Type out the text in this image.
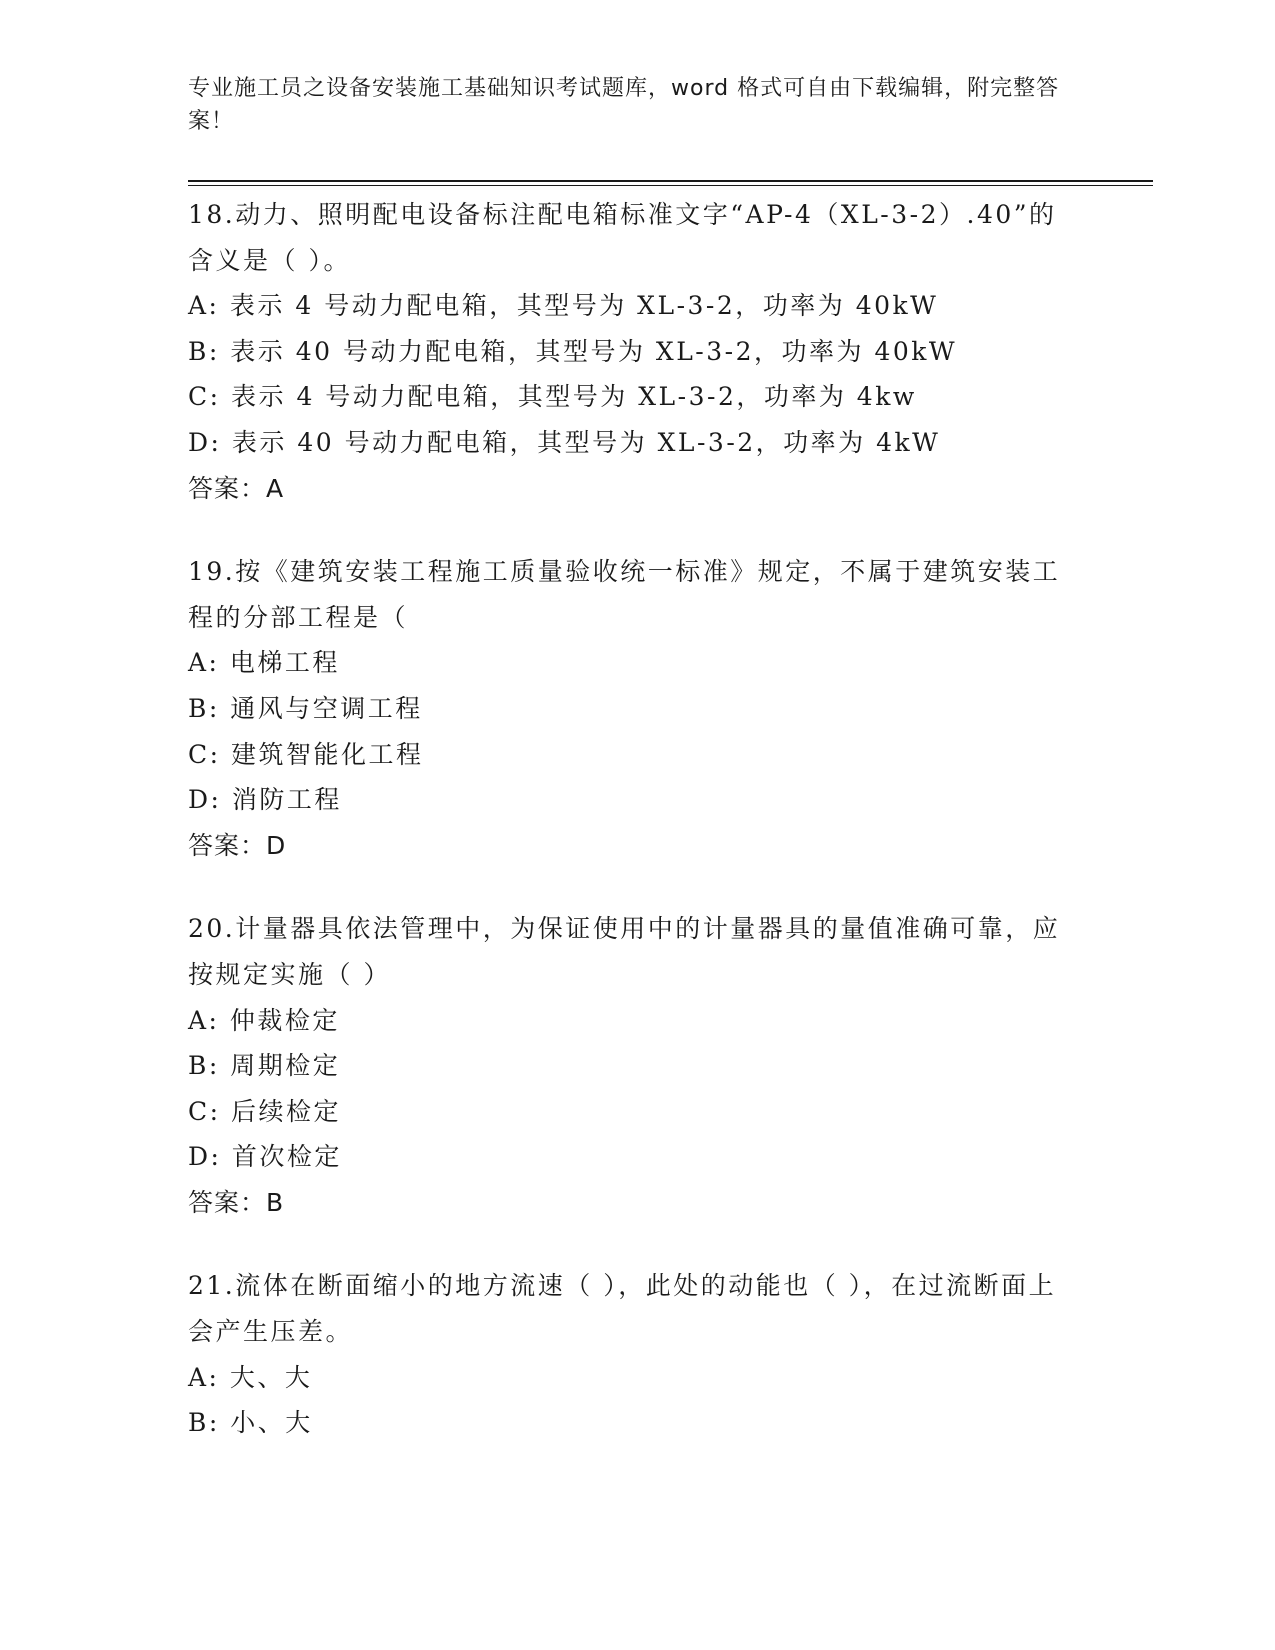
专业施工员之设备安装施工基础知识考试题库，word 格式可自由下载编辑，附完整答案！
18.动力、照明配电设备标注配电箱标准文字“AP-4（XL-3-2）.40”的含义是（ ）。
A: 表示 4 号动力配电箱，其型号为 XL-3-2，功率为 40kW
B: 表示 40 号动力配电箱，其型号为 XL-3-2，功率为 40kW
C: 表示 4 号动力配电箱，其型号为 XL-3-2，功率为 4kw
D: 表示 40 号动力配电箱，其型号为 XL-3-2，功率为 4kW
答案：A
19.按《建筑安装工程施工质量验收统一标准》规定，不属于建筑安装工程的分部工程是（
A: 电梯工程
B: 通风与空调工程
C: 建筑智能化工程
D: 消防工程
答案：D
20.计量器具依法管理中，为保证使用中的计量器具的量值准确可靠，应按规定实施（ ）
A: 仲裁检定
B: 周期检定
C: 后续检定
D: 首次检定
答案：B
21.流体在断面缩小的地方流速（ ），此处的动能也（ ），在过流断面上会产生压差。
A: 大、大
B: 小、大
